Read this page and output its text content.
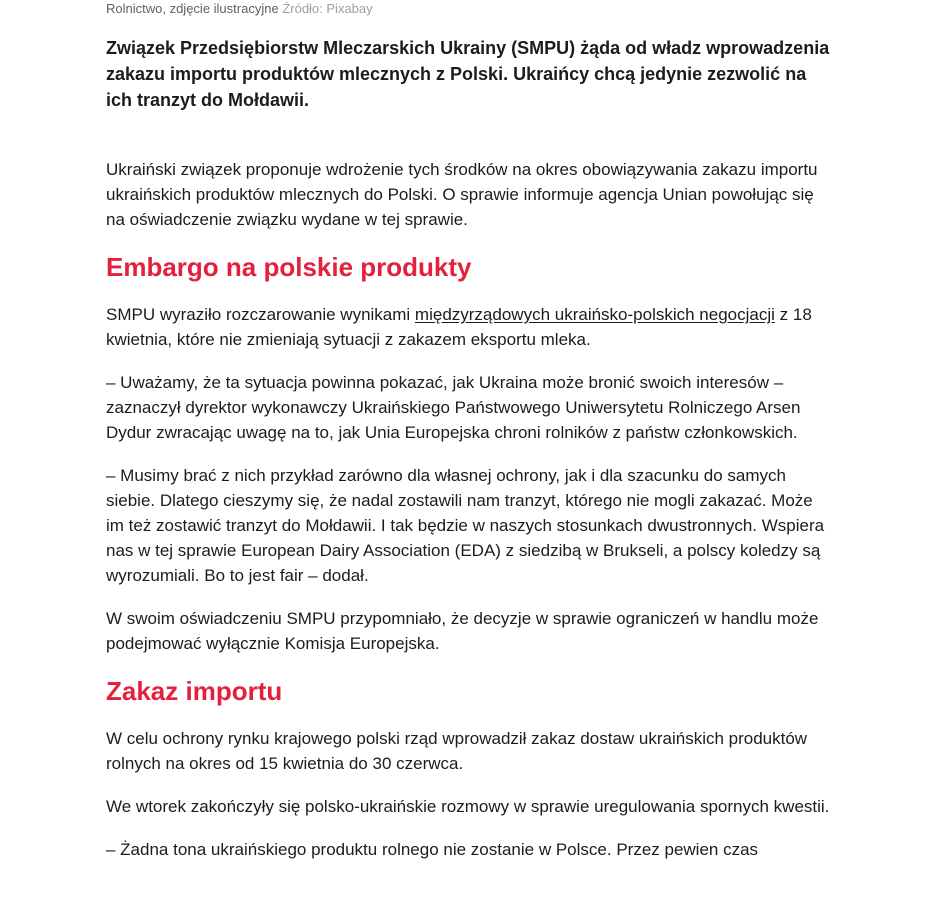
Rolnictwo, zdjęcie ilustracyjne Źródło: Pixabay

Związek Przedsiębiorstw Mleczarskich Ukrainy (SMPU) żąda od władz wprowadzenia zakazu importu produktów mlecznych z Polski. Ukraińcy chcą jedynie zezwolić na ich tranzyt do Mołdawii.

Ukraiński związek proponuje wdrożenie tych środków na okres obowiązywania zakazu importu ukraińskich produktów mlecznych do Polski. O sprawie informuje agencja Unian powołując się na oświadczenie związku wydane w tej sprawie.

Embargo na polskie produkty

SMPU wyraziło rozczarowanie wynikami międzyrządowych ukraińsko-polskich negocjacji z 18 kwietnia, które nie zmieniają sytuacji z zakazem eksportu mleka.

– Uważamy, że ta sytuacja powinna pokazać, jak Ukraina może bronić swoich interesów – zaznaczył dyrektor wykonawczy Ukraińskiego Państwowego Uniwersytetu Rolniczego Arsen Dydur zwracając uwagę na to, jak Unia Europejska chroni rolników z państw członkowskich.

– Musimy brać z nich przykład zarówno dla własnej ochrony, jak i dla szacunku do samych siebie. Dlatego cieszymy się, że nadal zostawili nam tranzyt, którego nie mogli zakazać. Może im też zostawić tranzyt do Mołdawii. I tak będzie w naszych stosunkach dwustronnych. Wspiera nas w tej sprawie European Dairy Association (EDA) z siedzibą w Brukseli, a polscy koledzy są wyrozumiali. Bo to jest fair – dodał.

W swoim oświadczeniu SMPU przypomniało, że decyzje w sprawie ograniczeń w handlu może podejmować wyłącznie Komisja Europejska.

Zakaz importu

W celu ochrony rynku krajowego polski rząd wprowadził zakaz dostaw ukraińskich produktów rolnych na okres od 15 kwietnia do 30 czerwca.

We wtorek zakończyły się polsko-ukraińskie rozmowy w sprawie uregulowania spornych kwestii.

– Żadna tona ukraińskiego produktu rolnego nie zostanie w Polsce. Przez pewien czas
